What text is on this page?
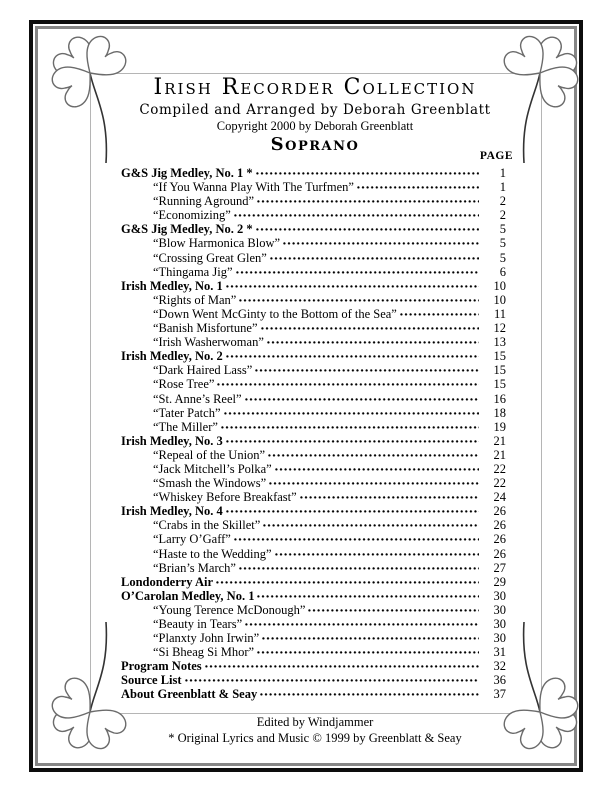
Irish Recorder Collection
Compiled and Arranged by Deborah Greenblatt
Copyright 2000 by Deborah Greenblatt
Soprano
PAGE
G&S Jig Medley, No. 1 *	1
“If You Wanna Play With The Turfmen”	1
“Running Aground”	2
“Economizing”	2
G&S Jig Medley, No. 2 *	5
“Blow Harmonica Blow”	5
“Crossing Great Glen”	5
“Thingama Jig”	6
Irish Medley, No. 1	10
“Rights of Man”	10
“Down Went McGinty to the Bottom of the Sea”	11
“Banish Misfortune”	12
“Irish Washerwoman”	13
Irish Medley, No. 2	15
“Dark Haired Lass”	15
“Rose Tree”	15
“St. Anne’s Reel”	16
“Tater Patch”	18
“The Miller”	19
Irish Medley, No. 3	21
“Repeal of the Union”	21
“Jack Mitchell’s Polka”	22
“Smash the Windows”	22
“Whiskey Before Breakfast”	24
Irish Medley, No. 4	26
“Crabs in the Skillet”	26
“Larry O’Gaff”	26
“Haste to the Wedding”	26
“Brian’s March”	27
Londonderry Air	29
O’Carolan Medley, No. 1	30
“Young Terence McDonough”	30
“Beauty in Tears”	30
“Planxty John Irwin”	30
“Si Bheag Si Mhor”	31
Program Notes	32
Source List	36
About Greenblatt & Seay	37
Edited by Windjammer
* Original Lyrics and Music © 1999 by Greenblatt & Seay
